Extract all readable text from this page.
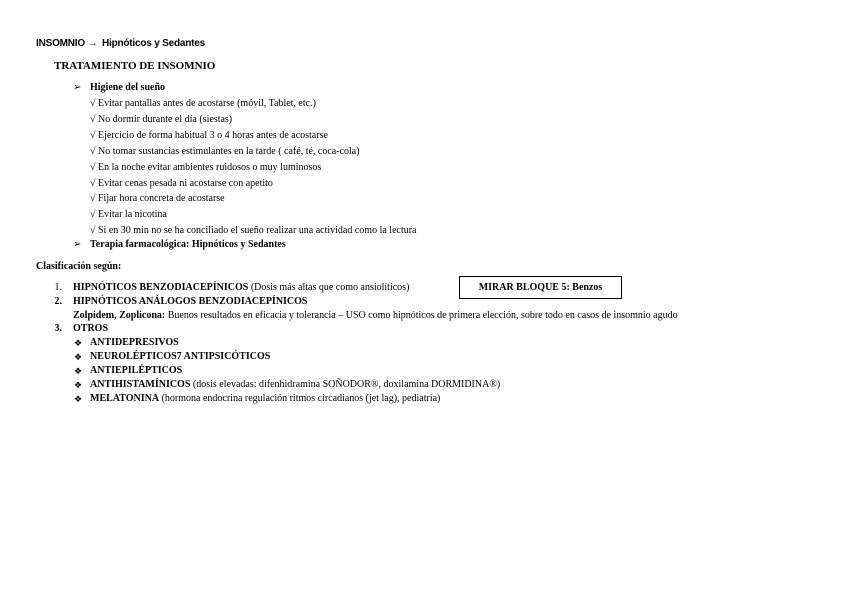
INSOMNIO → Hipnóticos y Sedantes
TRATAMIENTO DE INSOMNIO
➢ Higiene del sueño
√ Evitar pantallas antes de acostarse (móvil, Tablet, etc.)
√ No dormir durante el día (siestas)
√ Ejercicio de forma habitual 3 o 4 horas antes de acostarse
√ No tomar sustancias estimulantes en la tarde ( café, té, coca-cola)
√ En la noche evitar ambientes ruidosos o muy luminosos
√ Evitar cenas pesada ni acostarse con apetito
√ Fijar hora concreta de acostarse
√ Evitar la nicotina
√ Si en 30 min no se ha conciliado el sueño realizar una actividad como la lectura
➢ Terapia farmacológica: Hipnóticos y Sedantes
Clasificación según:
1. HIPNÓTICOS BENZODIACEPÍNICOS (Dosis más altas que como ansiolíticos)	MIRAR BLOQUE 5: Benzos
2. HIPNÓTICOS ANÁLOGOS BENZODIACEPÍNICOS
Zolpidem, Zoplicona: Buenos resultados en eficacia y tolerancia – USO como hipnóticos de primera elección, sobre todo en casos de insomnio agudo
3. OTROS
❖ ANTIDEPRESIVOS
❖ NEUROLÉPTICOS7 ANTIPSICÓTICOS
❖ ANTIEPILÉPTICOS
❖ ANTIHISTAMÍNICOS (dosis elevadas: difenhidramina SOÑODOR®, doxilamina DORMIDINA®)
❖ MELATONINA (hormona endocrina regulación ritmos circadianos (jet lag), pediatría)
